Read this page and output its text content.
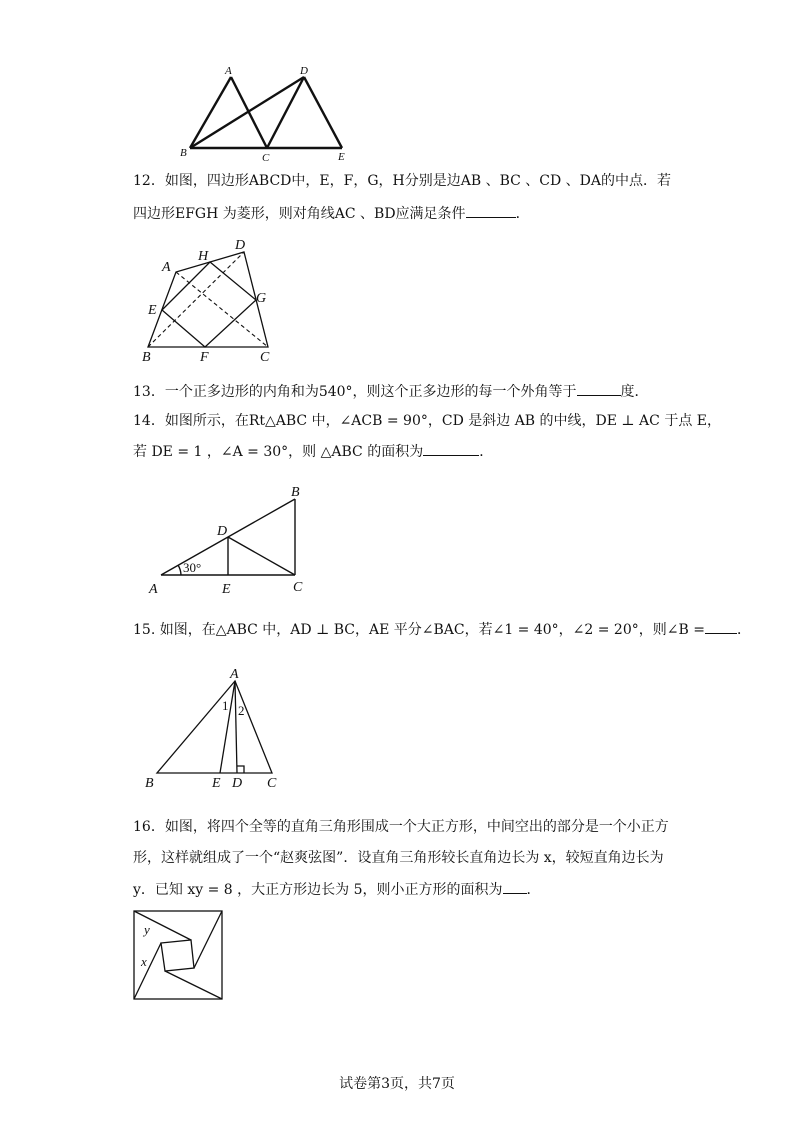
A	D
B	C	E
12．如图，四边形ABCD中，E，F，G，H分别是边AB 、BC 、CD 、DA的中点．若
四边形EFGH 为菱形，则对角线AC 、BD应满足条件	．
A
H
D
E
G
B	F	C
13．一个正多边形的内角和为540°，则这个正多边形的每一个外角等于	度．
14．如图所示，在Rt△ABC 中，∠ACB = 90°，CD 是斜边 AB 的中线，DE ⊥ AC 于点 E，
若 DE = 1 ，∠A = 30°，则 △ABC 的面积为	．
B
D
30°
A	E	C
15. 如图，在△ABC 中，AD ⊥ BC，AE 平分∠BAC，若∠1 = 40°，∠2 = 20°，则∠B = ．
A
1 2
B	E D C
16．如图，将四个全等的直角三角形围成一个大正方形，中间空出的部分是一个小正方
形，这样就组成了一个“赵爽弦图”．设直角三角形较长直角边长为 x，较短直角边长为
y．已知 xy = 8 ，大正方形边长为 5，则小正方形的面积为 ．
y
x
试卷第3页，共7页
